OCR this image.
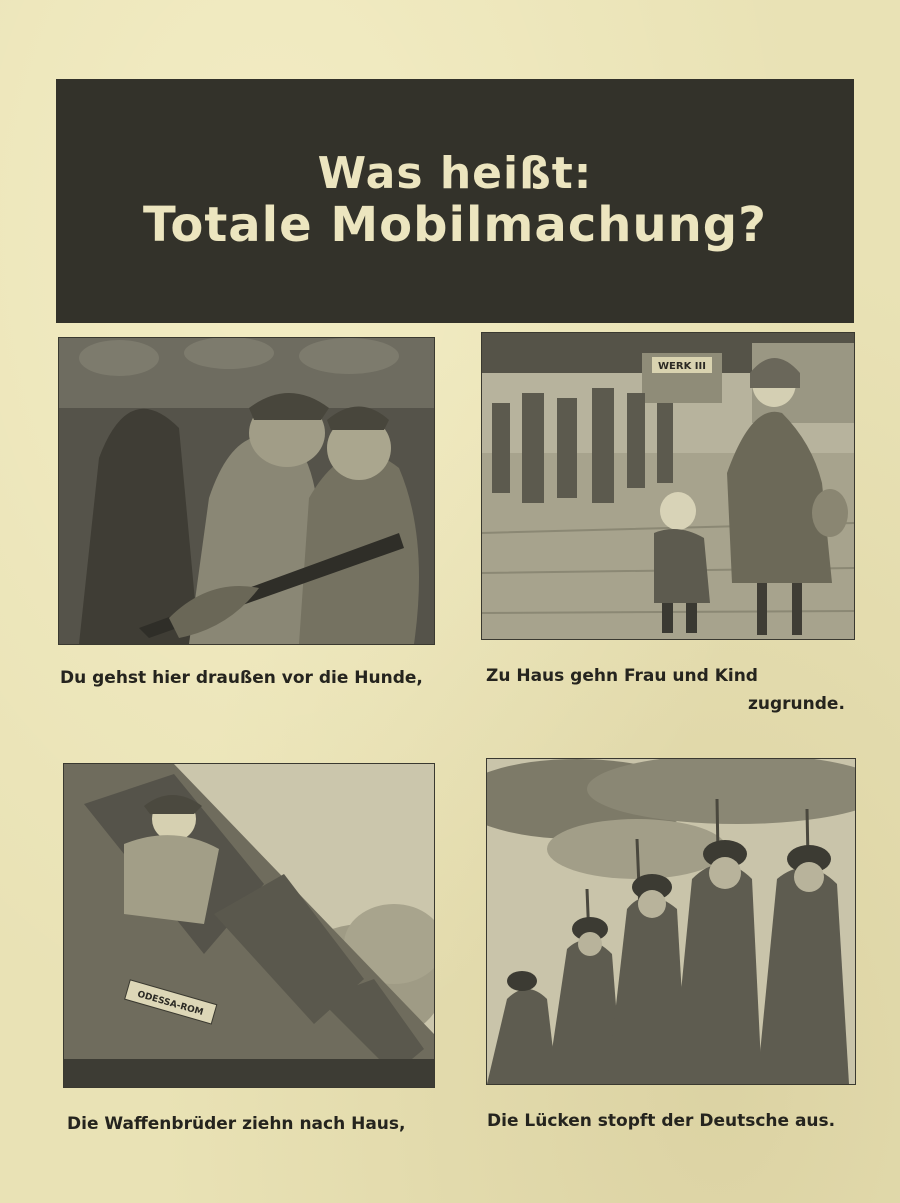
Was heißt:
Totale Mobilmachung?
WERK III
ODESSA-ROM
Du gehst hier draußen vor die Hunde,	Zu Haus gehn Frau und Kind
zugrunde.
Die Waffenbrüder ziehn nach Haus,	Die Lücken stopft der Deutsche aus.
